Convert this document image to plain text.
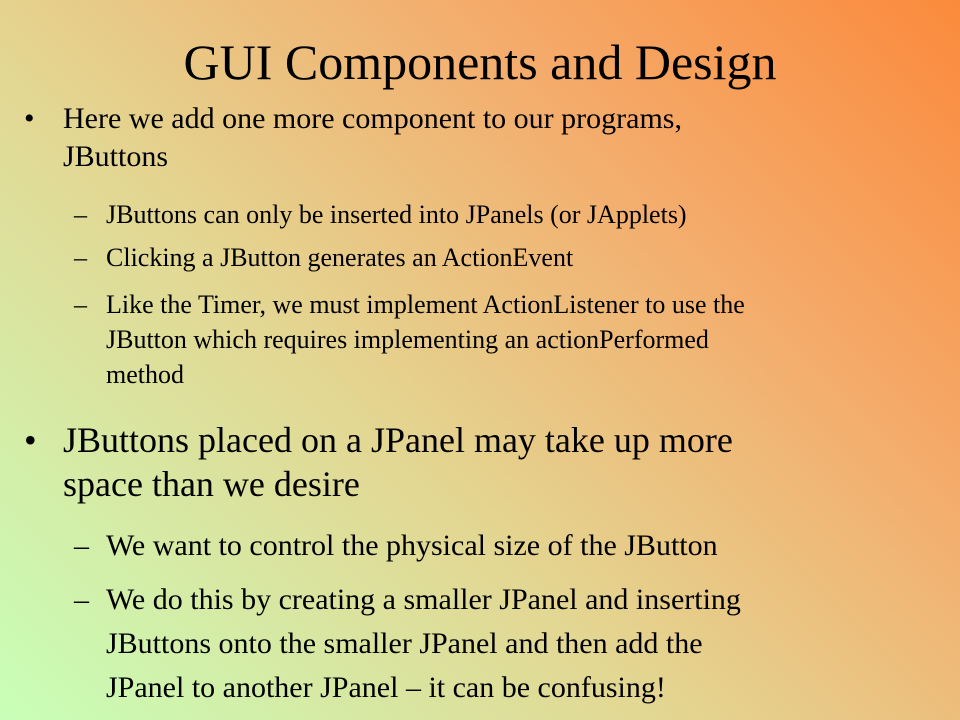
GUI Components and Design
• Here we add one more component to our programs,
JButtons
– JButtons can only be inserted into JPanels (or JApplets)
– Clicking a JButton generates an ActionEvent
– Like the Timer, we must implement ActionListener to use the
JButton which requires implementing an actionPerformed
method
• JButtons placed on a JPanel may take up more
space than we desire
– We want to control the physical size of the JButton
– We do this by creating a smaller JPanel and inserting
JButtons onto the smaller JPanel and then add the
JPanel to another JPanel – it can be confusing!
